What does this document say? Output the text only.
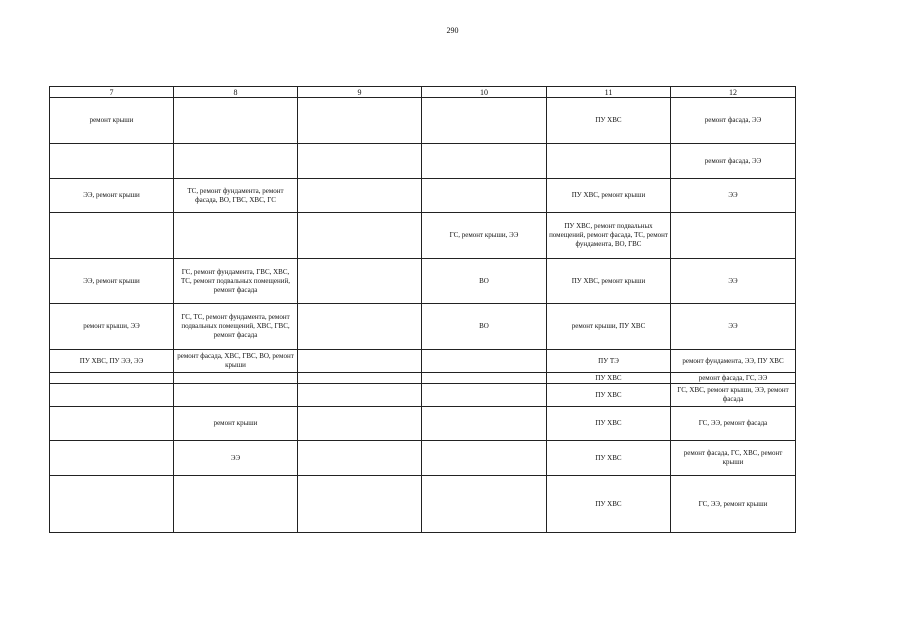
290
7	8	9	10	11	12
ремонт крыши				ПУ ХВС	ремонт фасада, ЭЭ
					ремонт фасада, ЭЭ
ЭЭ, ремонт крыши	ТС, ремонт фундамента, ремонт фасада, ВО, ГВС, ХВС, ГС			ПУ ХВС, ремонт крыши	ЭЭ
			ГС, ремонт крыши, ЭЭ	ПУ ХВС, ремонт подвальных помещений, ремонт фасада, ТС, ремонт фундамента, ВО, ГВС	
ЭЭ, ремонт крыши	ГС, ремонт фундамента, ГВС, ХВС, ТС, ремонт подвальных помещений, ремонт фасада		ВО	ПУ ХВС, ремонт крыши	ЭЭ
ремонт крыши, ЭЭ	ГС, ТС, ремонт фундамента, ремонт подвальных помещений, ХВС, ГВС, ремонт фасада		ВО	ремонт крыши, ПУ ХВС	ЭЭ
ПУ ХВС, ПУ ЭЭ, ЭЭ	ремонт фасада, ХВС, ГВС, ВО, ремонт крыши			ПУ ТЭ	ремонт фундамента, ЭЭ, ПУ ХВС
				ПУ ХВС	ремонт фасада, ГС, ЭЭ
				ПУ ХВС	ГС, ХВС, ремонт крыши, ЭЭ, ремонт фасада
	ремонт крыши			ПУ ХВС	ГС, ЭЭ, ремонт фасада
	ЭЭ			ПУ ХВС	ремонт фасада, ГС, ХВС, ремонт крыши
				ПУ ХВС	ГС, ЭЭ, ремонт крыши
